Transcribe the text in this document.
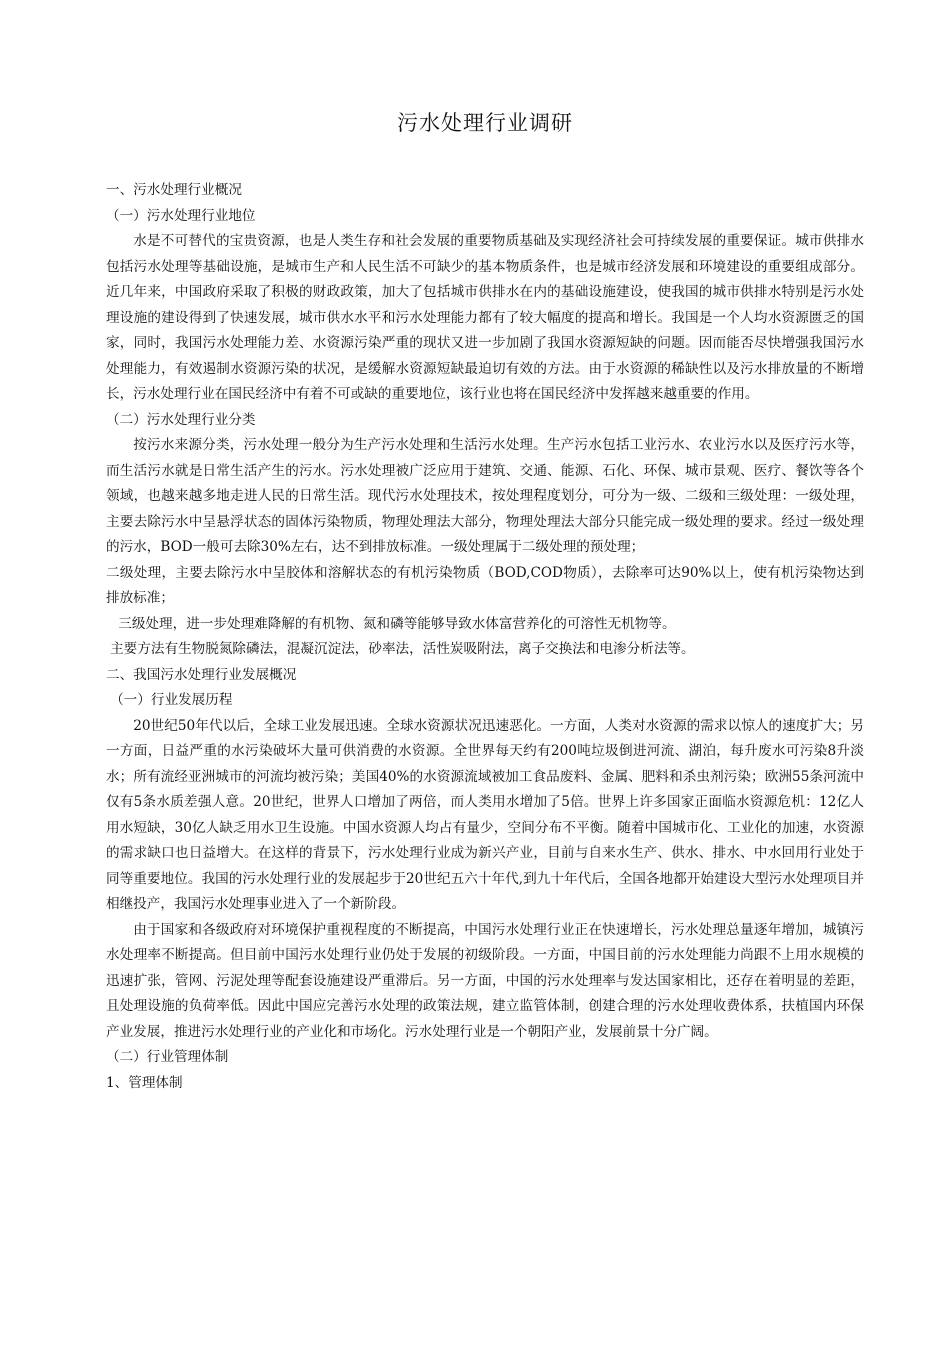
污水处理行业调研
一、污水处理行业概况
（一）污水处理行业地位

水是不可替代的宝贵资源，也是人类生存和社会发展的重要物质基础及实现经济社会可持续发展的重要保证。城市供排水包括污水处理等基础设施，是城市生产和人民生活不可缺少的基本物质条件，也是城市经济发展和环境建设的重要组成部分。近几年来，中国政府采取了积极的财政政策，加大了包括城市供排水在内的基础设施建设，使我国的城市供排水特别是污水处理设施的建设得到了快速发展，城市供水水平和污水处理能力都有了较大幅度的提高和增长。我国是一个人均水资源匮乏的国家，同时，我国污水处理能力差、水资源污染严重的现状又进一步加剧了我国水资源短缺的问题。因而能否尽快增强我国污水处理能力，有效遏制水资源污染的状况，是缓解水资源短缺最迫切有效的方法。由于水资源的稀缺性以及污水排放量的不断增长，污水处理行业在国民经济中有着不可或缺的重要地位，该行业也将在国民经济中发挥越来越重要的作用。

（二）污水处理行业分类

按污水来源分类，污水处理一般分为生产污水处理和生活污水处理。生产污水包括工业污水、农业污水以及医疗污水等，而生活污水就是日常生活产生的污水。污水处理被广泛应用于建筑、交通、能源、石化、环保、城市景观、医疗、餐饮等各个领域，也越来越多地走进人民的日常生活。现代污水处理技术，按处理程度划分，可分为一级、二级和三级处理：一级处理，主要去除污水中呈悬浮状态的固体污染物质，物理处理法大部分，物理处理法大部分只能完成一级处理的要求。经过一级处理的污水，BOD一般可去除30%左右，达不到排放标准。一级处理属于二级处理的预处理；

二级处理，主要去除污水中呈胶体和溶解状态的有机污染物质（BOD,COD物质），去除率可达90%以上，使有机污染物达到排放标准；

三级处理，进一步处理难降解的有机物、氮和磷等能够导致水体富营养化的可溶性无机物等。

主要方法有生物脱氮除磷法，混凝沉淀法，砂率法，活性炭吸附法，离子交换法和电渗分析法等。

二、我国污水处理行业发展概况
（一）行业发展历程

20世纪50年代以后，全球工业发展迅速。全球水资源状况迅速恶化。一方面，人类对水资源的需求以惊人的速度扩大；另一方面，日益严重的水污染破坏大量可供消费的水资源。全世界每天约有200吨垃圾倒进河流、湖泊，每升废水可污染8升淡水；所有流经亚洲城市的河流均被污染；美国40%的水资源流域被加工食品废料、金属、肥料和杀虫剂污染；欧洲55条河流中仅有5条水质差强人意。20世纪，世界人口增加了两倍，而人类用水增加了5倍。世界上许多国家正面临水资源危机：12亿人用水短缺，30亿人缺乏用水卫生设施。中国水资源人均占有量少，空间分布不平衡。随着中国城市化、工业化的加速，水资源的需求缺口也日益增大。在这样的背景下，污水处理行业成为新兴产业，目前与自来水生产、供水、排水、中水回用行业处于同等重要地位。我国的污水处理行业的发展起步于20世纪五六十年代,到九十年代后，全国各地都开始建设大型污水处理项目并相继投产，我国污水处理事业进入了一个新阶段。

由于国家和各级政府对环境保护重视程度的不断提高，中国污水处理行业正在快速增长，污水处理总量逐年增加，城镇污水处理率不断提高。但目前中国污水处理行业仍处于发展的初级阶段。一方面，中国目前的污水处理能力尚跟不上用水规模的迅速扩张，管网、污泥处理等配套设施建设严重滞后。另一方面，中国的污水处理率与发达国家相比，还存在着明显的差距，且处理设施的负荷率低。因此中国应完善污水处理的政策法规，建立监管体制，创建合理的污水处理收费体系，扶植国内环保产业发展，推进污水处理行业的产业化和市场化。污水处理行业是一个朝阳产业，发展前景十分广阔。

（二）行业管理体制
1、管理体制
